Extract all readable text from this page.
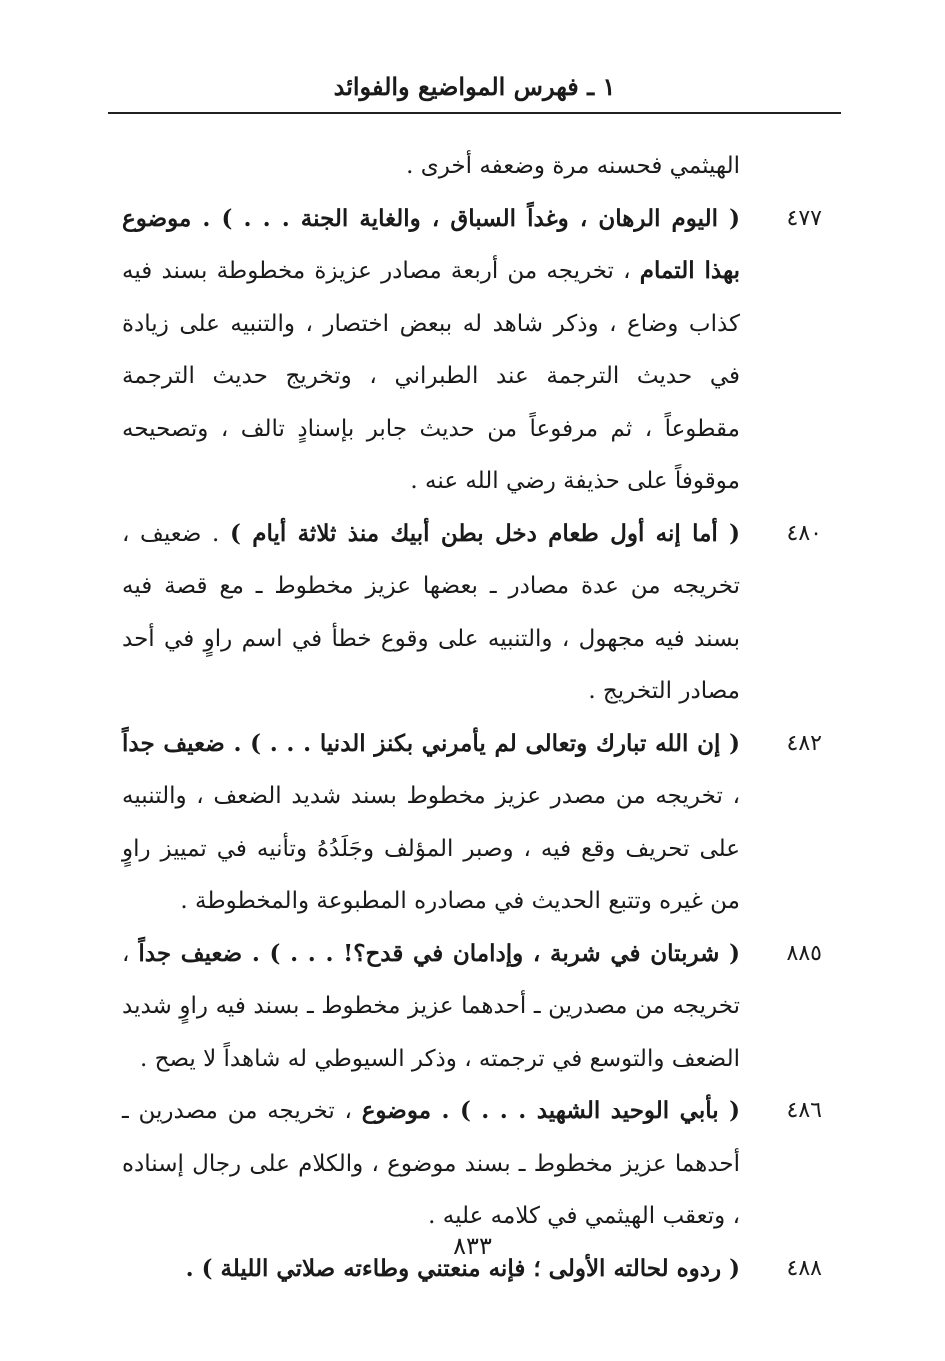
١ ـ فهرس المواضيع والفوائد
الهيثمي فحسنه مرة وضعفه أخرى .
٤٧٧
( اليوم الرهان ، وغداً السباق ، والغاية الجنة . . . ) . موضوع بهذا التمام ، تخريجه من أربعة مصادر عزيزة مخطوطة بسند فيه كذاب وضاع ، وذكر شاهد له ببعض اختصار ، والتنبيه على زيادة في حديث الترجمة عند الطبراني ، وتخريج حديث الترجمة مقطوعاً ، ثم مرفوعاً من حديث جابر بإسنادٍ تالف ، وتصحيحه موقوفاً على حذيفة رضي الله عنه .
٤٨٠
( أما إنه أول طعام دخل بطن أبيك منذ ثلاثة أيام ) . ضعيف ، تخريجه من عدة مصادر ـ بعضها عزيز مخطوط ـ مع قصة فيه بسند فيه مجهول ، والتنبيه على وقوع خطأ في اسم راوٍ في أحد مصادر التخريج .
٤٨٢
( إن الله تبارك وتعالى لم يأمرني بكنز الدنيا . . . ) . ضعيف جداً ، تخريجه من مصدر عزيز مخطوط بسند شديد الضعف ، والتنبيه على تحريف وقع فيه ، وصبر المؤلف وجَلَدُهُ وتأنيه في تمييز راوٍ من غيره وتتبع الحديث في مصادره المطبوعة والمخطوطة .
٨٨٥
( شربتان في شربة ، وإدامان في قدح؟! . . . ) . ضعيف جداً ، تخريجه من مصدرين ـ أحدهما عزيز مخطوط ـ بسند فيه راوٍ شديد الضعف والتوسع في ترجمته ، وذكر السيوطي له شاهداً لا يصح .
٤٨٦
( بأبي الوحيد الشهيد . . . ) . موضوع ، تخريجه من مصدرين ـ أحدهما عزيز مخطوط ـ بسند موضوع ، والكلام على رجال إسناده ، وتعقب الهيثمي في كلامه عليه .
٤٨٨
( ردوه لحالته الأولى ؛ فإنه منعتني وطاءته صلاتي الليلة ) .
٨٣٣
